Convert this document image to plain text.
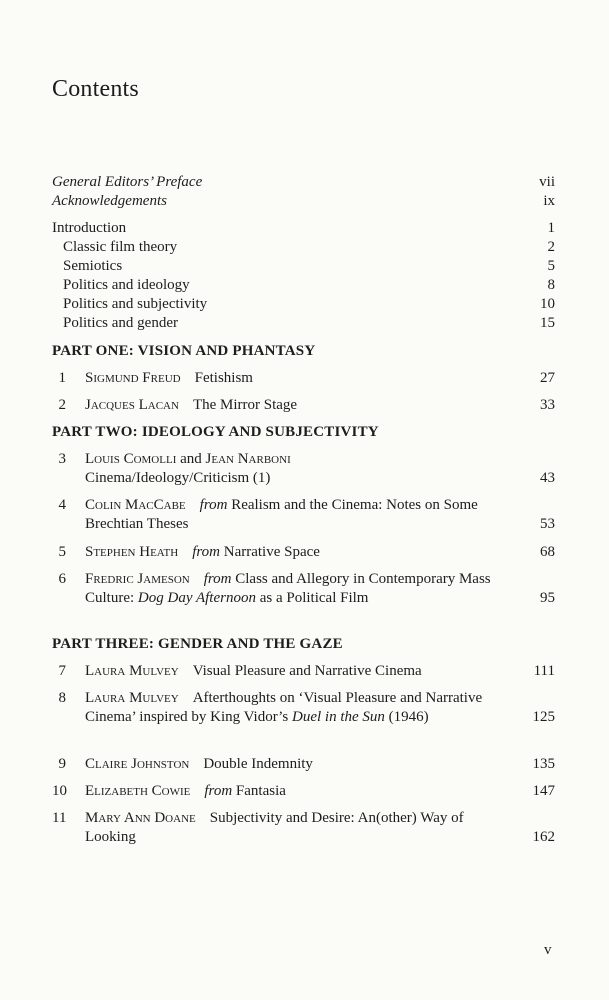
Contents
General Editors’ Preface	vii
Acknowledgements	ix
Introduction	1
Classic film theory	2
Semiotics	5
Politics and ideology	8
Politics and subjectivity	10
Politics and gender	15
PART ONE: VISION AND PHANTASY
1	Sigmund Freud Fetishism	27
2	Jacques Lacan The Mirror Stage	33
PART TWO: IDEOLOGY AND SUBJECTIVITY
3	Louis Comolli and Jean Narboni
Cinema/Ideology/Criticism (1)	43
4	Colin MacCabe from Realism and the Cinema: Notes on Some Brechtian Theses	53
5	Stephen Heath from Narrative Space	68
6	Fredric Jameson from Class and Allegory in Contemporary Mass Culture: Dog Day Afternoon as a Political Film	95
PART THREE: GENDER AND THE GAZE
7	Laura Mulvey Visual Pleasure and Narrative Cinema	111
8	Laura Mulvey Afterthoughts on ‘Visual Pleasure and Narrative Cinema’ inspired by King Vidor’s Duel in the Sun (1946)	125
9	Claire Johnston Double Indemnity	135
10	Elizabeth Cowie from Fantasia	147
11	Mary Ann Doane Subjectivity and Desire: An(other) Way of Looking	162
v
